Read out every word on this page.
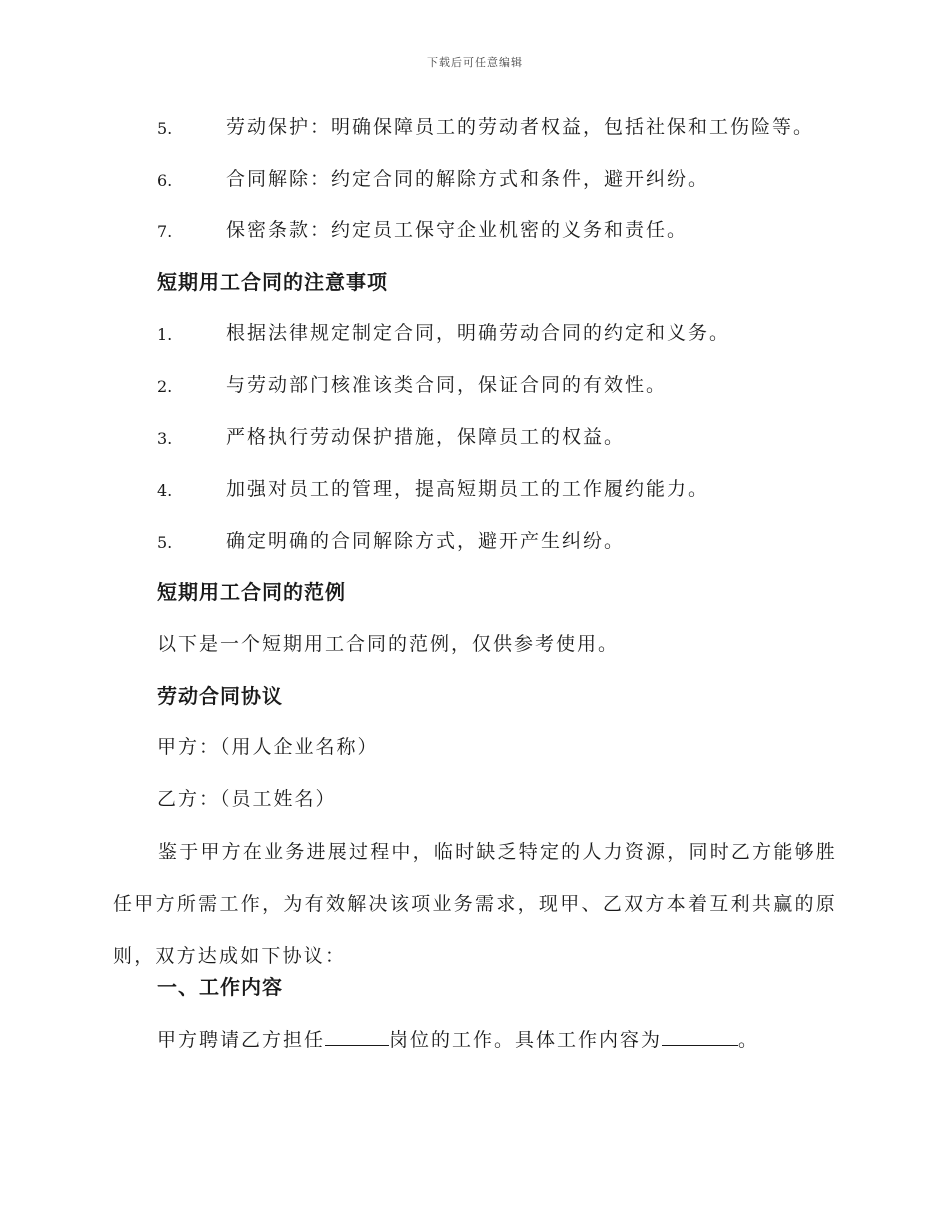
下载后可任意编辑
5.	劳动保护：明确保障员工的劳动者权益，包括社保和工伤险等。
6.	合同解除：约定合同的解除方式和条件，避开纠纷。
7.	保密条款：约定员工保守企业机密的义务和责任。
短期用工合同的注意事项
1.	根据法律规定制定合同，明确劳动合同的约定和义务。
2.	与劳动部门核准该类合同，保证合同的有效性。
3.	严格执行劳动保护措施，保障员工的权益。
4.	加强对员工的管理，提高短期员工的工作履约能力。
5.	确定明确的合同解除方式，避开产生纠纷。
短期用工合同的范例
以下是一个短期用工合同的范例，仅供参考使用。
劳动合同协议
甲方：（用人企业名称）
乙方：（员工姓名）
鉴于甲方在业务进展过程中，临时缺乏特定的人力资源，同时乙方能够胜任甲方所需工作，为有效解决该项业务需求，现甲、乙双方本着互利共赢的原则，双方达成如下协议：
一、工作内容
甲方聘请乙方担任	岗位的工作。具体工作内容为	。
